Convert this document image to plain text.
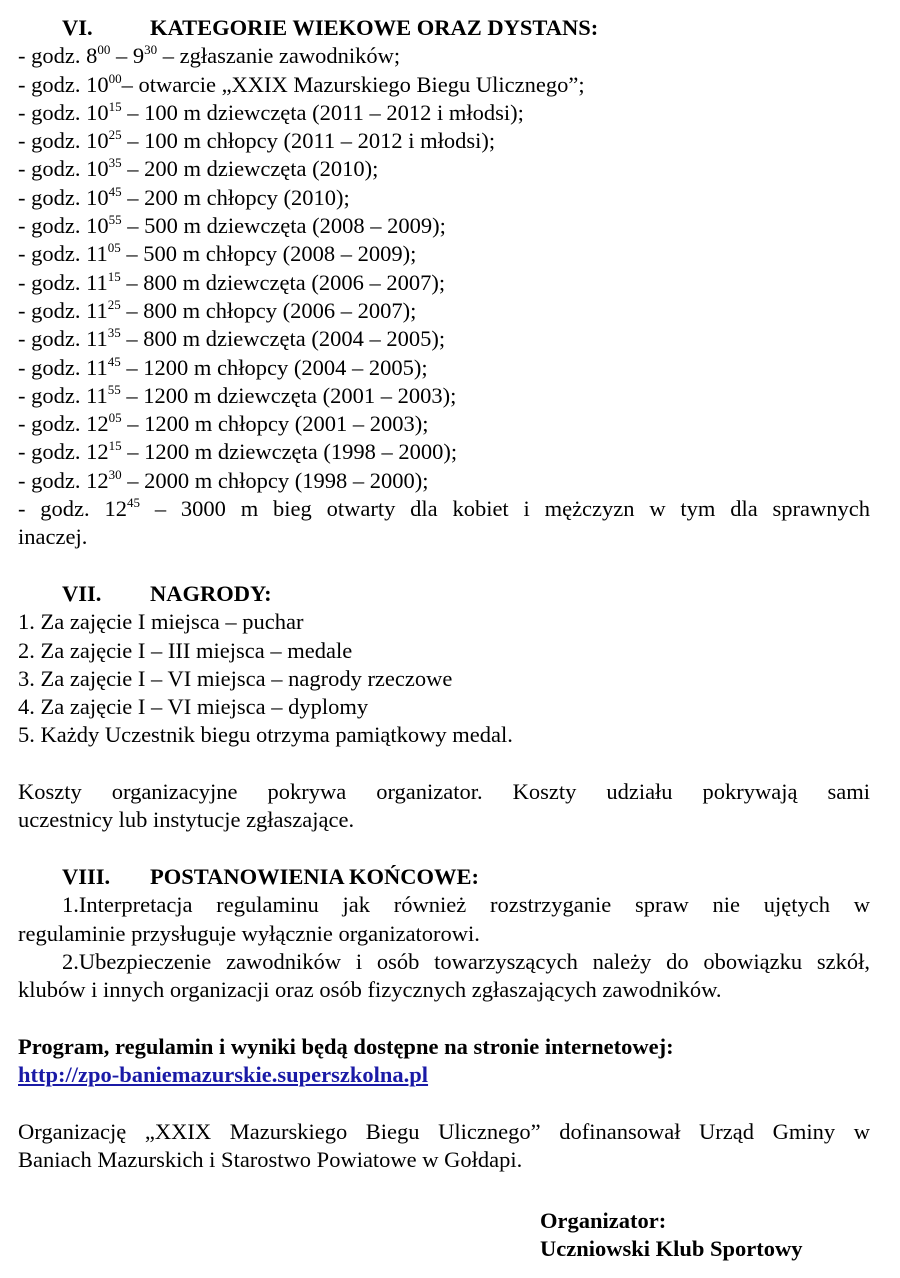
VI.	KATEGORIE WIEKOWE ORAZ DYSTANS:
- godz. $8^{00} - 9^{30}$ – zgłaszanie zawodników;
- godz. $10^{00}-$ otwarcie „XXIX Mazurskiego Biegu Ulicznego”;
- godz. $10^{15} - 100$ m dziewczęta (2011 – 2012 i młodsi);
- godz. $10^{25} - 100$ m chłopcy (2011 – 2012 i młodsi);
- godz. $10^{35} - 200$ m dziewczęta (2010);
- godz. $10^{45} - 200$ m chłopcy (2010);
- godz. $10^{55} - 500$ m dziewczęta (2008 – 2009);
- godz. $11^{05} - 500$ m chłopcy (2008 – 2009);
- godz. $11^{15} - 800$ m dziewczęta (2006 – 2007);
- godz. $11^{25} - 800$ m chłopcy (2006 – 2007);
- godz. $11^{35} - 800$ m dziewczęta (2004 – 2005);
- godz. $11^{45} - 1200$ m chłopcy (2004 – 2005);
- godz. $11^{55} - 1200$ m dziewczęta (2001 – 2003);
- godz. $12^{05} - 1200$ m chłopcy (2001 – 2003);
- godz. $12^{15} - 1200$ m dziewczęta (1998 – 2000);
- godz. $12^{30} - 2000$ m chłopcy (1998 – 2000);
- godz. $12^{45} - 3000$ m bieg otwarty dla kobiet i mężczyzn w tym dla sprawnych
inaczej.
VII.	NAGRODY:
1. Za zajęcie I miejsca – puchar
2. Za zajęcie I – III miejsca – medale
3. Za zajęcie I – VI miejsca – nagrody rzeczowe
4. Za zajęcie I – VI miejsca – dyplomy
5. Każdy Uczestnik biegu otrzyma pamiątkowy medal.
Koszty organizacyjne pokrywa organizator. Koszty udziału pokrywają sami
uczestnicy lub instytucje zgłaszające.
VIII.	POSTANOWIENIA KOŃCOWE:
1.Interpretacja regulaminu jak również rozstrzyganie spraw nie ujętych w
regulaminie przysługuje wyłącznie organizatorowi.
2.Ubezpieczenie zawodników i osób towarzyszących należy do obowiązku szkół,
klubów i innych organizacji oraz osób fizycznych zgłaszających zawodników.
Program, regulamin i wyniki będą dostępne na stronie internetowej:
http://zpo-baniemazurskie.superszkolna.pl
Organizację „XXIX Mazurskiego Biegu Ulicznego” dofinansował Urząd Gminy w
Baniach Mazurskich i Starostwo Powiatowe w Gołdapi.
Organizator:
Uczniowski Klub Sportowy
